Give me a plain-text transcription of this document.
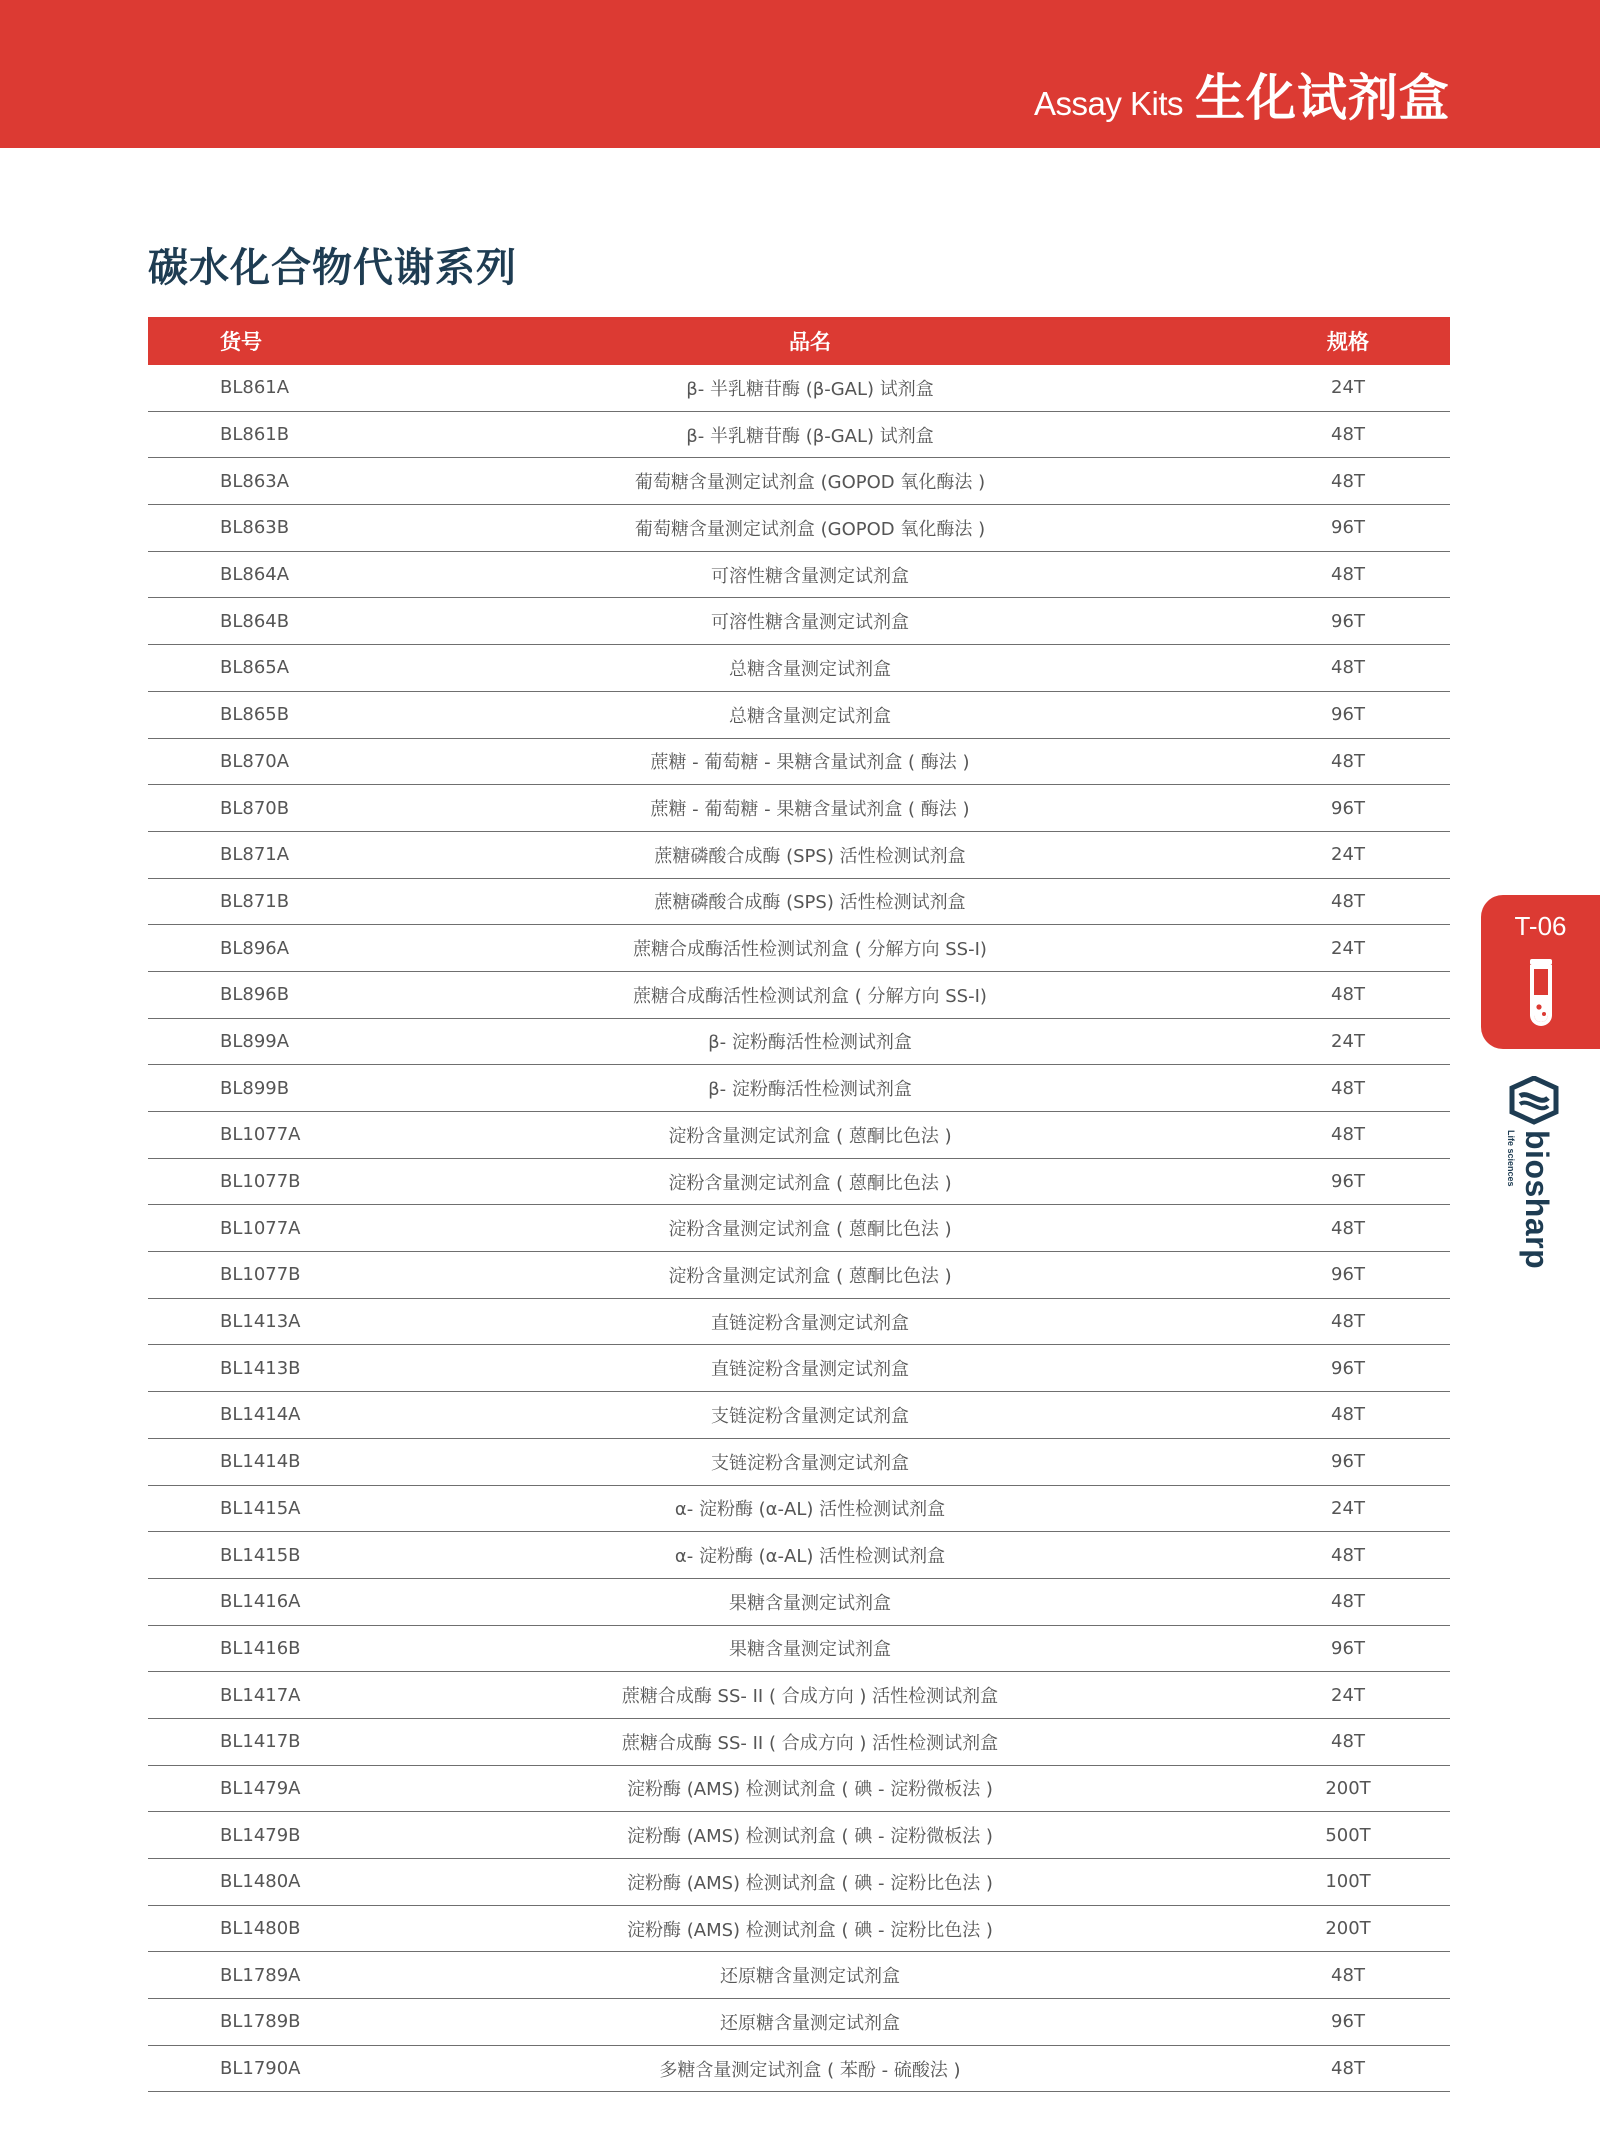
Assay Kits 生化试剂盒
碳水化合物代谢系列
货号	品名	规格
BL861A	β- 半乳糖苷酶 (β-GAL) 试剂盒	24T
BL861B	β- 半乳糖苷酶 (β-GAL) 试剂盒	48T
BL863A	葡萄糖含量测定试剂盒 (GOPOD 氧化酶法 )	48T
BL863B	葡萄糖含量测定试剂盒 (GOPOD 氧化酶法 )	96T
BL864A	可溶性糖含量测定试剂盒	48T
BL864B	可溶性糖含量测定试剂盒	96T
BL865A	总糖含量测定试剂盒	48T
BL865B	总糖含量测定试剂盒	96T
BL870A	蔗糖 - 葡萄糖 - 果糖含量试剂盒 ( 酶法 )	48T
BL870B	蔗糖 - 葡萄糖 - 果糖含量试剂盒 ( 酶法 )	96T
BL871A	蔗糖磷酸合成酶 (SPS) 活性检测试剂盒	24T
BL871B	蔗糖磷酸合成酶 (SPS) 活性检测试剂盒	48T
BL896A	蔗糖合成酶活性检测试剂盒 ( 分解方向 SS-I)	24T
BL896B	蔗糖合成酶活性检测试剂盒 ( 分解方向 SS-I)	48T
BL899A	β- 淀粉酶活性检测试剂盒	24T
BL899B	β- 淀粉酶活性检测试剂盒	48T
BL1077A	淀粉含量测定试剂盒 ( 蒽酮比色法 )	48T
BL1077B	淀粉含量测定试剂盒 ( 蒽酮比色法 )	96T
BL1077A	淀粉含量测定试剂盒 ( 蒽酮比色法 )	48T
BL1077B	淀粉含量测定试剂盒 ( 蒽酮比色法 )	96T
BL1413A	直链淀粉含量测定试剂盒	48T
BL1413B	直链淀粉含量测定试剂盒	96T
BL1414A	支链淀粉含量测定试剂盒	48T
BL1414B	支链淀粉含量测定试剂盒	96T
BL1415A	α- 淀粉酶 (α-AL) 活性检测试剂盒	24T
BL1415B	α- 淀粉酶 (α-AL) 活性检测试剂盒	48T
BL1416A	果糖含量测定试剂盒	48T
BL1416B	果糖含量测定试剂盒	96T
BL1417A	蔗糖合成酶 SS- II ( 合成方向 ) 活性检测试剂盒	24T
BL1417B	蔗糖合成酶 SS- II ( 合成方向 ) 活性检测试剂盒	48T
BL1479A	淀粉酶 (AMS) 检测试剂盒 ( 碘 - 淀粉微板法 )	200T
BL1479B	淀粉酶 (AMS) 检测试剂盒 ( 碘 - 淀粉微板法 )	500T
BL1480A	淀粉酶 (AMS) 检测试剂盒 ( 碘 - 淀粉比色法 )	100T
BL1480B	淀粉酶 (AMS) 检测试剂盒 ( 碘 - 淀粉比色法 )	200T
BL1789A	还原糖含量测定试剂盒	48T
BL1789B	还原糖含量测定试剂盒	96T
BL1790A	多糖含量测定试剂盒 ( 苯酚 - 硫酸法 )	48T
T-06
biosharp
Life sciences
